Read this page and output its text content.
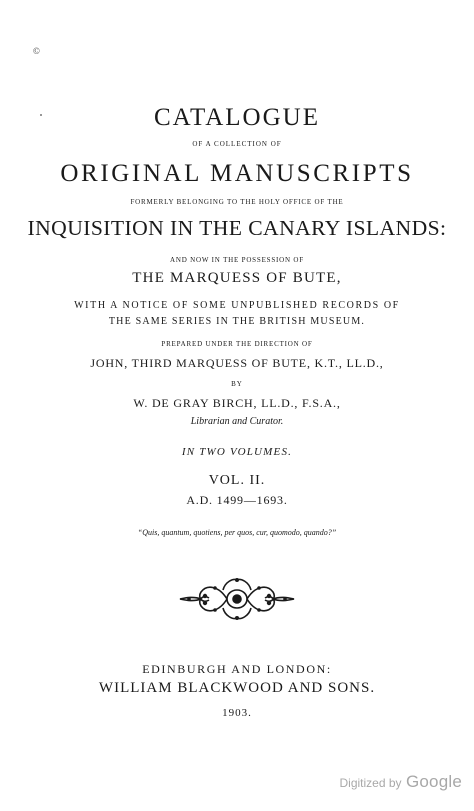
©
CATALOGUE
OF A COLLECTION OF
ORIGINAL MANUSCRIPTS
FORMERLY BELONGING TO THE HOLY OFFICE OF THE
INQUISITION IN THE CANARY ISLANDS:
AND NOW IN THE POSSESSION OF
THE MARQUESS OF BUTE,
WITH A NOTICE OF SOME UNPUBLISHED RECORDS OF
THE SAME SERIES IN THE BRITISH MUSEUM.
PREPARED UNDER THE DIRECTION OF
JOHN, THIRD MARQUESS OF BUTE, K.T., LL.D.,
BY
W. DE GRAY BIRCH, LL.D., F.S.A.,
Librarian and Curator.
IN TWO VOLUMES.
VOL. II.
A.D. 1499—1693.
“Quis, quantum, quotiens, per quos, cur, quomodo, quando?”
EDINBURGH AND LONDON:
WILLIAM BLACKWOOD AND SONS.
1903.
Digitized by Google
